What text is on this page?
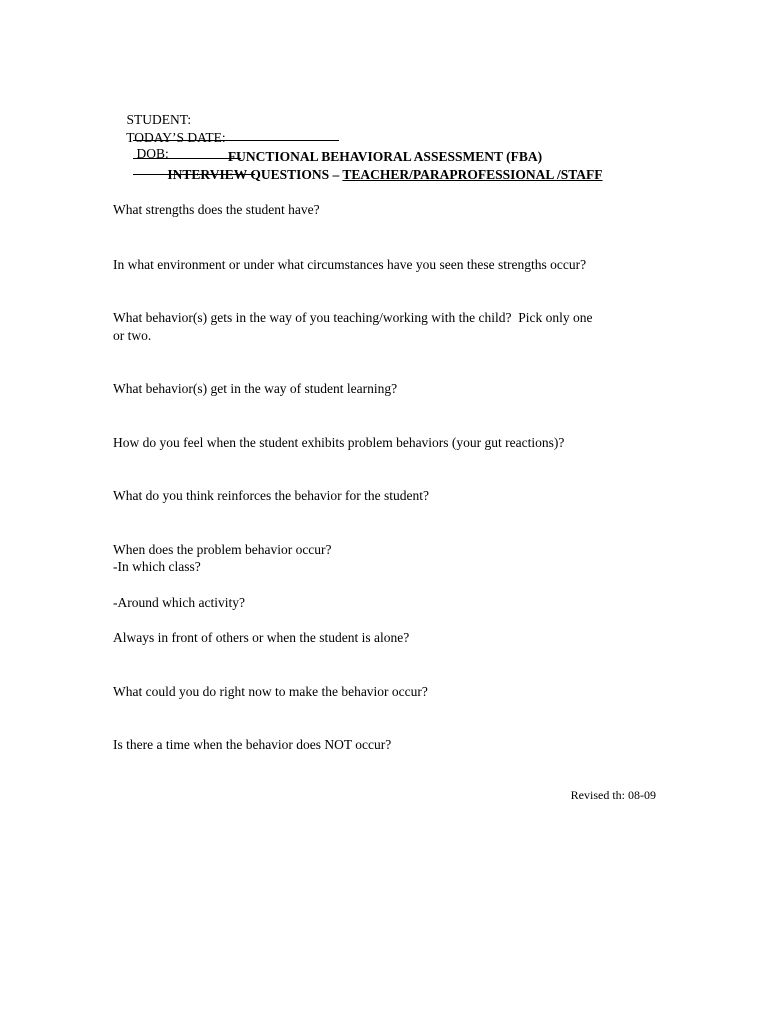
STUDENT:

DOB:

TODAY’S DATE:

FUNCTIONAL BEHAVIORAL ASSESSMENT (FBA)
INTERVIEW QUESTIONS – TEACHER/PARAPROFESSIONAL /STAFF
What strengths does the student have?
In what environment or under what circumstances have you seen these strengths occur?
What behavior(s) gets in the way of you teaching/working with the child?  Pick only one
or two.
What behavior(s) get in the way of student learning?
How do you feel when the student exhibits problem behaviors (your gut reactions)?
What do you think reinforces the behavior for the student?
When does the problem behavior occur?
-In which class?
-Around which activity?
Always in front of others or when the student is alone?
What could you do right now to make the behavior occur?
Is there a time when the behavior does NOT occur?
Revised th: 08-09
